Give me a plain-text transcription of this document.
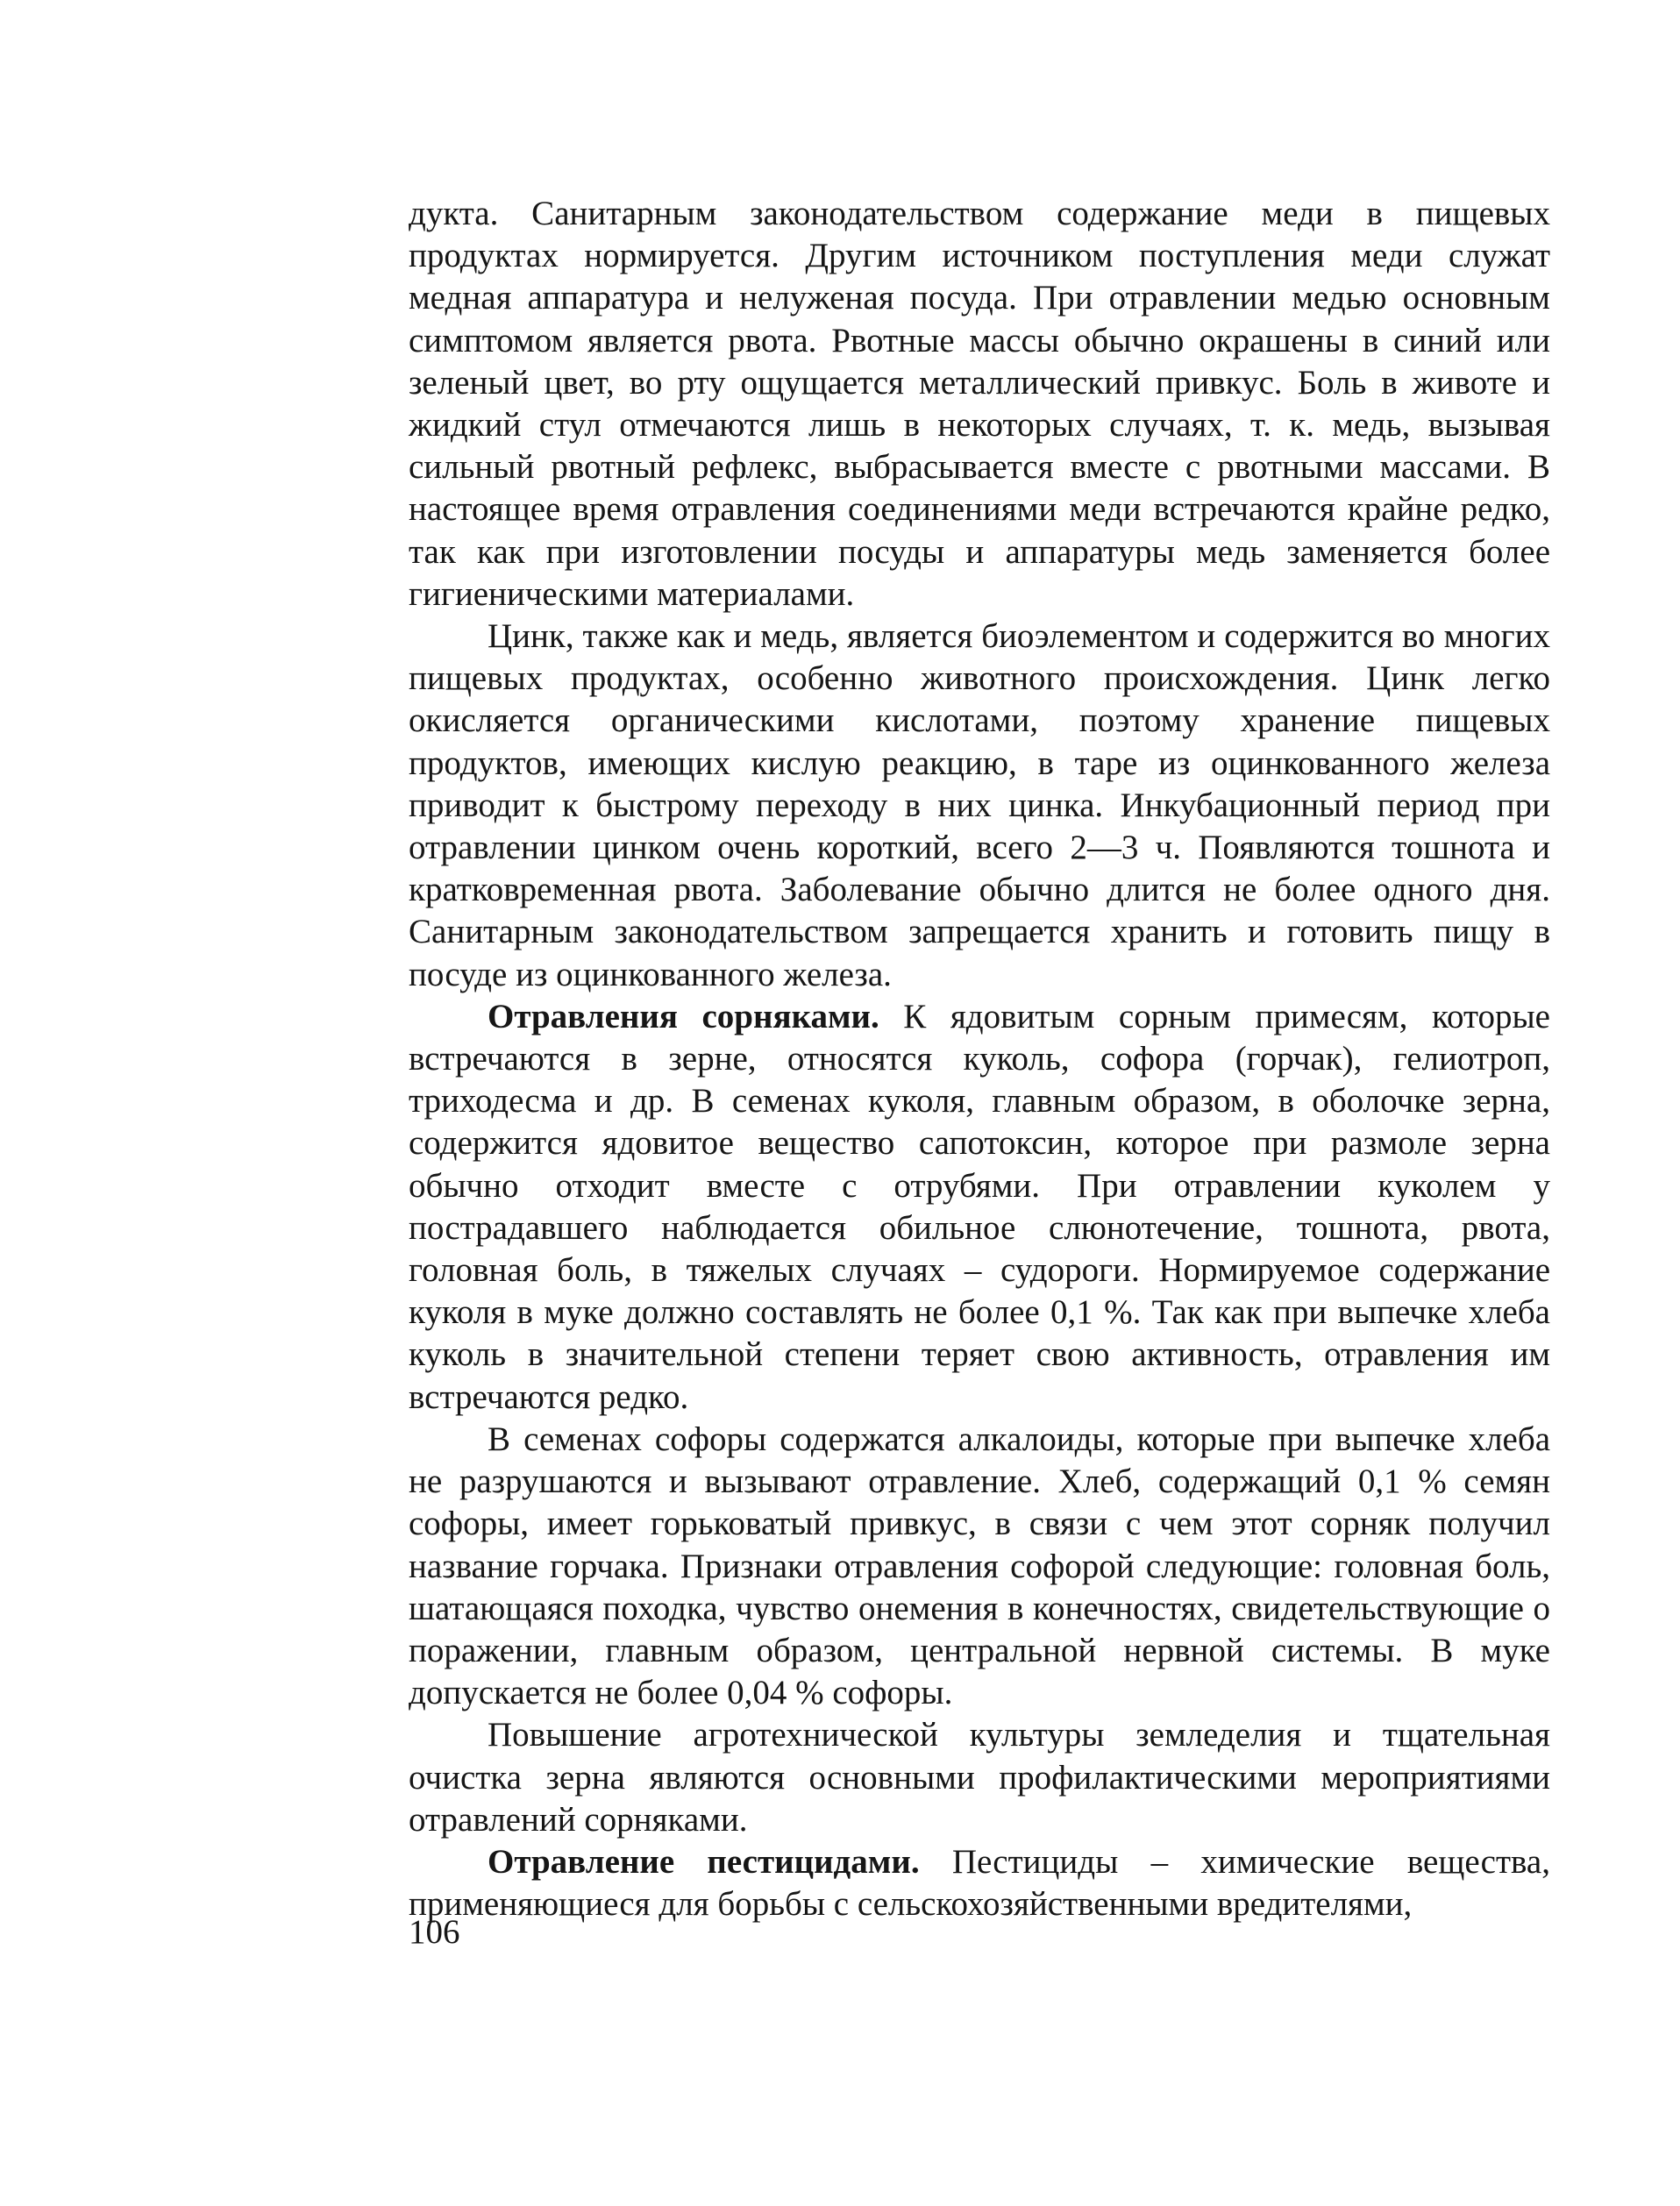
дукта. Санитарным законодательством содержание меди в пищевых продуктах нормируется. Другим источником поступления меди служат медная аппаратура и нелуженая посуда. При отравлении медью основным симптомом является рвота. Рвотные массы обычно окрашены в синий или зеленый цвет, во рту ощущается металлический привкус. Боль в животе и жидкий стул отмечаются лишь в некоторых случаях, т. к. медь, вызывая сильный рвотный рефлекс, выбрасывается вместе с рвотными массами. В настоящее время отравления соединениями меди встречаются крайне редко, так как при изготовлении посуды и аппаратуры медь заменяется более гигиеническими материалами.

Цинк, также как и медь, является биоэлементом и содержится во многих пищевых продуктах, особенно животного происхождения. Цинк легко окисляется органическими кислотами, поэтому хранение пищевых продуктов, имеющих кислую реакцию, в таре из оцинкованного железа приводит к быстрому переходу в них цинка. Инкубационный период при отравлении цинком очень короткий, всего 2—3 ч. Появляются тошнота и кратковременная рвота. Заболевание обычно длится не более одного дня. Санитарным законодательством запрещается хранить и готовить пищу в посуде из оцинкованного железа.

Отравления сорняками. К ядовитым сорным примесям, которые встречаются в зерне, относятся куколь, софора (горчак), гелиотроп, триходесма и др. В семенах куколя, главным образом, в оболочке зерна, содержится ядовитое вещество сапотоксин, которое при размоле зерна обычно отходит вместе с отрубями. При отравлении куколем у пострадавшего наблюдается обильное слюнотечение, тошнота, рвота, головная боль, в тяжелых случаях – судороги. Нормируемое содержание куколя в муке должно составлять не более 0,1 %. Так как при выпечке хлеба куколь в значительной степени теряет свою активность, отравления им встречаются редко.

В семенах софоры содержатся алкалоиды, которые при выпечке хлеба не разрушаются и вызывают отравление. Хлеб, содержащий 0,1 % семян софоры, имеет горьковатый привкус, в связи с чем этот сорняк получил название горчака. Признаки отравления софорой следующие: головная боль, шатающаяся походка, чувство онемения в конечностях, свидетельствующие о поражении, главным образом, центральной нервной системы. В муке допускается не более 0,04 % софоры.

Повышение агротехнической культуры земледелия и тщательная очистка зерна являются основными профилактическими мероприятиями отравлений сорняками.

Отравление пестицидами. Пестициды – химические вещества, применяющиеся для борьбы с сельскохозяйственными вредителями,

106
